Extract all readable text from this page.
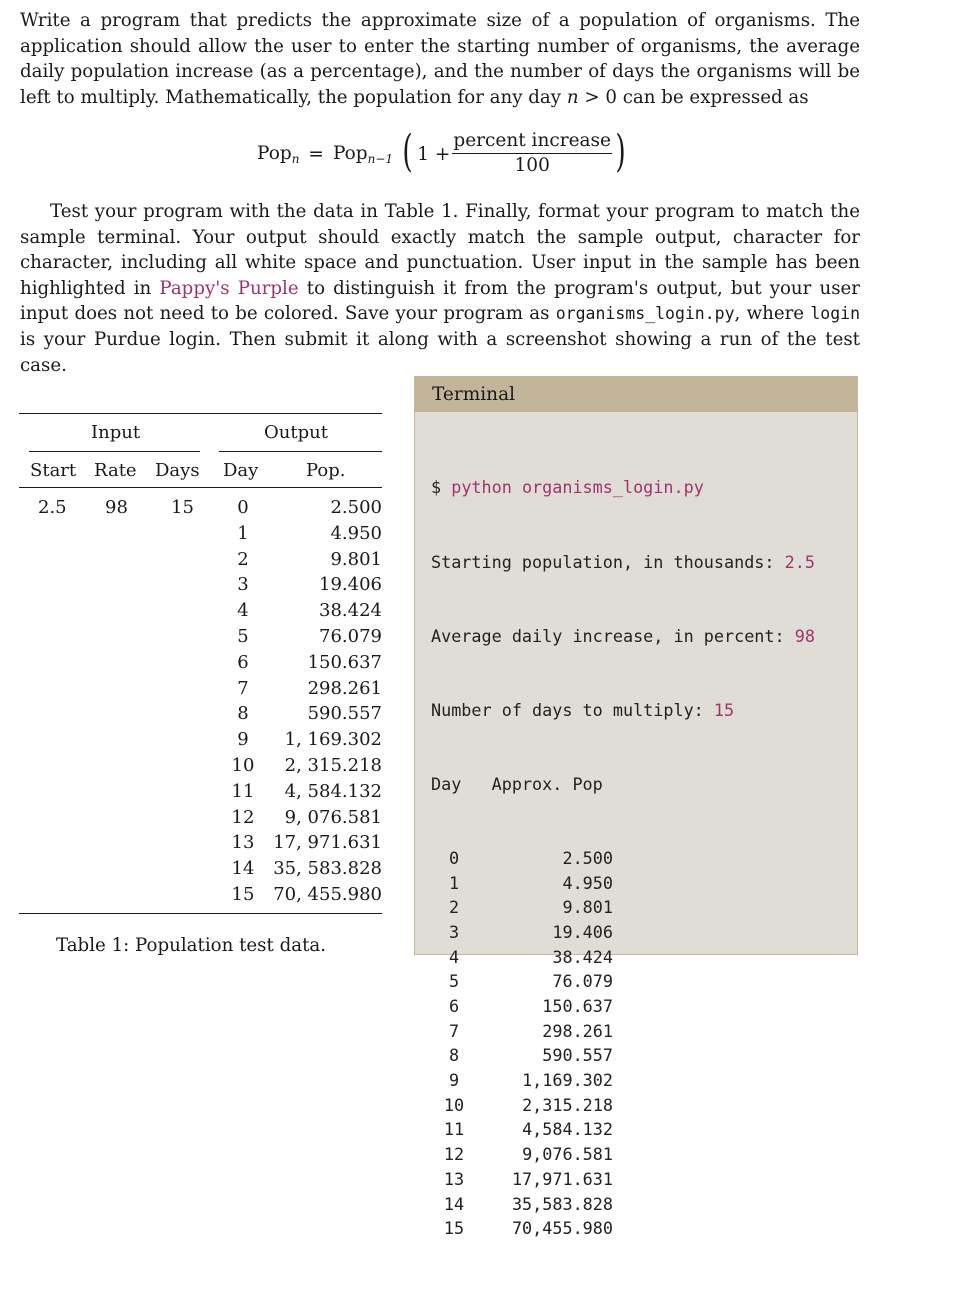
Write a program that predicts the approximate size of a population of organisms. The application should allow the user to enter the starting number of organisms, the average daily population increase (as a percentage), and the number of days the organisms will be left to multiply. Mathematically, the population for any day n > 0 can be expressed as

Pop$_n$ = Pop$_{n-1}$ ( $1 + \frac{\text{percent increase}}{100}$ )

Test your program with the data in Table 1. Finally, format your program to match the sample terminal. Your output should exactly match the sample output, character for character, including all white space and punctuation. User input in the sample has been highlighted in Pappy's Purple to distinguish it from the program's output, but your user input does not need to be colored. Save your program as organisms_login.py, where login is your Purdue login. Then submit it along with a screenshot showing a run of the test case.

Input	Output
Start Rate Days Day	Pop.
2.5 98 15	0	2.500
1	4.950
2	9.801
3	19.406
4	38.424
5	76.079
6	150.637
7	298.261
8	590.557
9	1, 169.302
10	2, 315.218
11	4, 584.132
12	9, 076.581
13	17, 971.631
14	35, 583.828
15	70, 455.980
Table 1: Population test data.
Terminal

$ python organisms_login.py

Starting population, in thousands: 2.5

Average daily increase, in percent: 98

Number of days to multiply: 15

Day   Approx. Pop

0	2.500
1	4.950
2	9.801
3	19.406
4	38.424
5	76.079
6	150.637
7	298.261
8	590.557
9	1,169.302
10	2,315.218
11	4,584.132
12	9,076.581
13	17,971.631
14	35,583.828
15	70,455.980
